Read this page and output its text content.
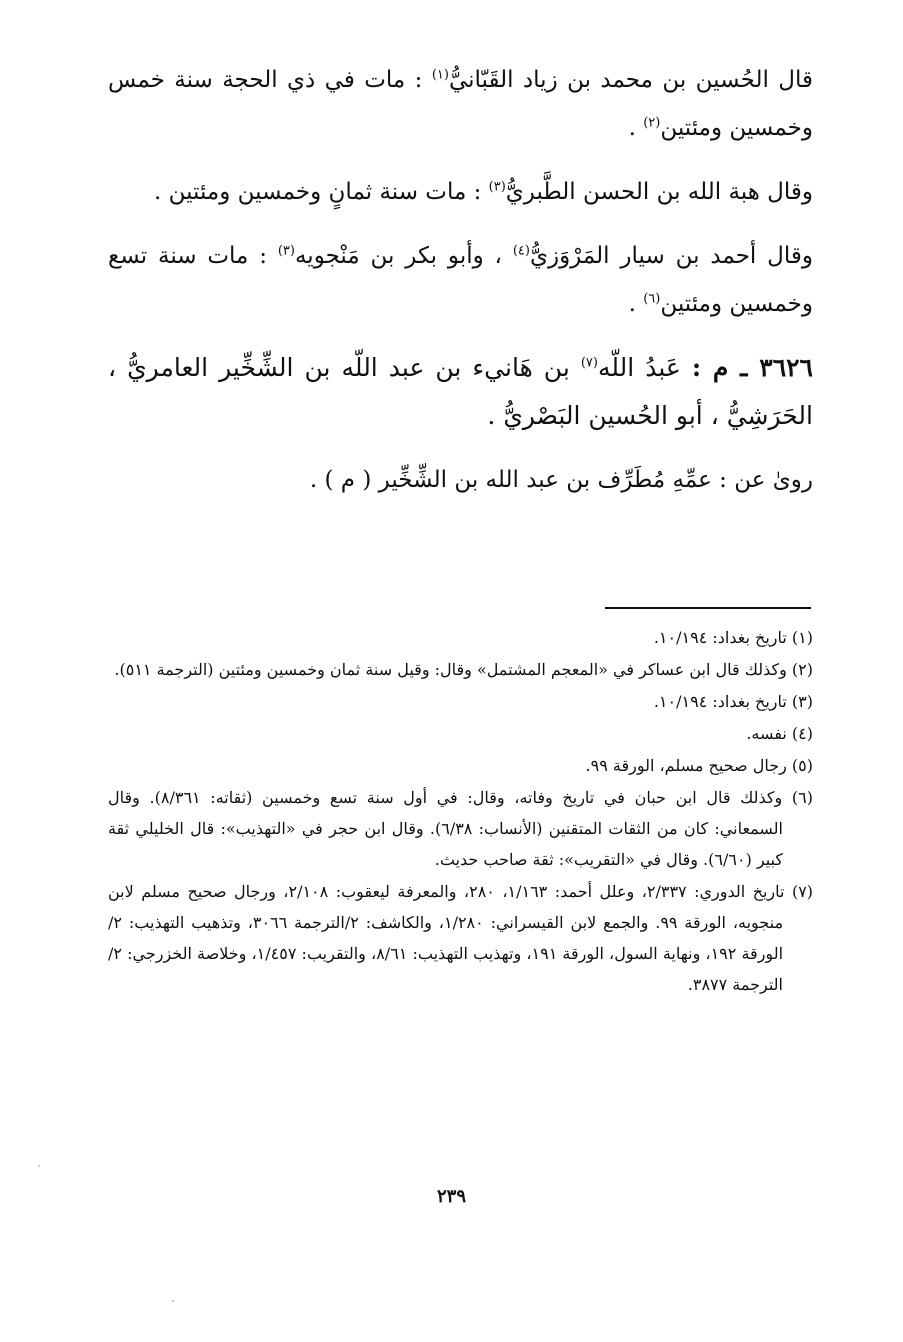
قال الحُسين بن محمد بن زياد القَبّانيُّ$^{(١)}$ : مات في ذي الحجة سنة خمس وخمسين ومئتين$^{(٢)}$ .

وقال هبة الله بن الحسن الطَّبريُّ$^{(٣)}$ : مات سنة ثمانٍ وخمسين ومئتين .

وقال أحمد بن سيار المَرْوَزيُّ$^{(٤)}$ ، وأبو بكر بن مَنْجويه$^{(٣)}$ : مات سنة تسع وخمسين ومئتين$^{(٦)}$ .

٣٦٢٦ ـ م : عَبدُ اللّه$^{(٧)}$ بن هَانيء بن عبد اللّه بن الشِّخِّير العامريُّ ، الحَرَشِيُّ ، أبو الحُسين البَصْريُّ .

رویٰ عن : عمِّهِ مُطَرِّف بن عبد الله بن الشِّخِّير ( م ) .

(١) تاريخ بغداد: ١٠/١٩٤.
(٢) وكذلك قال ابن عساكر في «المعجم المشتمل» وقال: وقيل سنة ثمان وخمسين ومئتين (الترجمة ٥١١).
(٣) تاريخ بغداد: ١٠/١٩٤.
(٤) نفسه.
(٥) رجال صحيح مسلم، الورقة ٩٩.
(٦) وكذلك قال ابن حبان في تاريخ وفاته، وقال: في أول سنة تسع وخمسين (ثقاته: ٨/٣٦١). وقال السمعاني: كان من الثقات المتقنين (الأنساب: ٦/٣٨). وقال ابن حجر في «التهذيب»: قال الخليلي ثقة كبير (٦/٦٠). وقال في «التقريب»: ثقة صاحب حديث.
(٧) تاريخ الدوري: ٢/٣٣٧، وعلل أحمد: ١/١٦٣، ٢٨٠، والمعرفة ليعقوب: ٢/١٠٨، ورجال صحيح مسلم لابن منجويه، الورقة ٩٩. والجمع لابن القيسراني: ١/٢٨٠، والكاشف: ٢/الترجمة ٣٠٦٦، وتذهيب التهذيب: ٢/الورقة ١٩٢، ونهاية السول، الورقة ١٩١، وتهذيب التهذيب: ٨/٦١، والتقريب: ١/٤٥٧، وخلاصة الخزرجي: ٢/الترجمة ٣٨٧٧.
٢٣٩
